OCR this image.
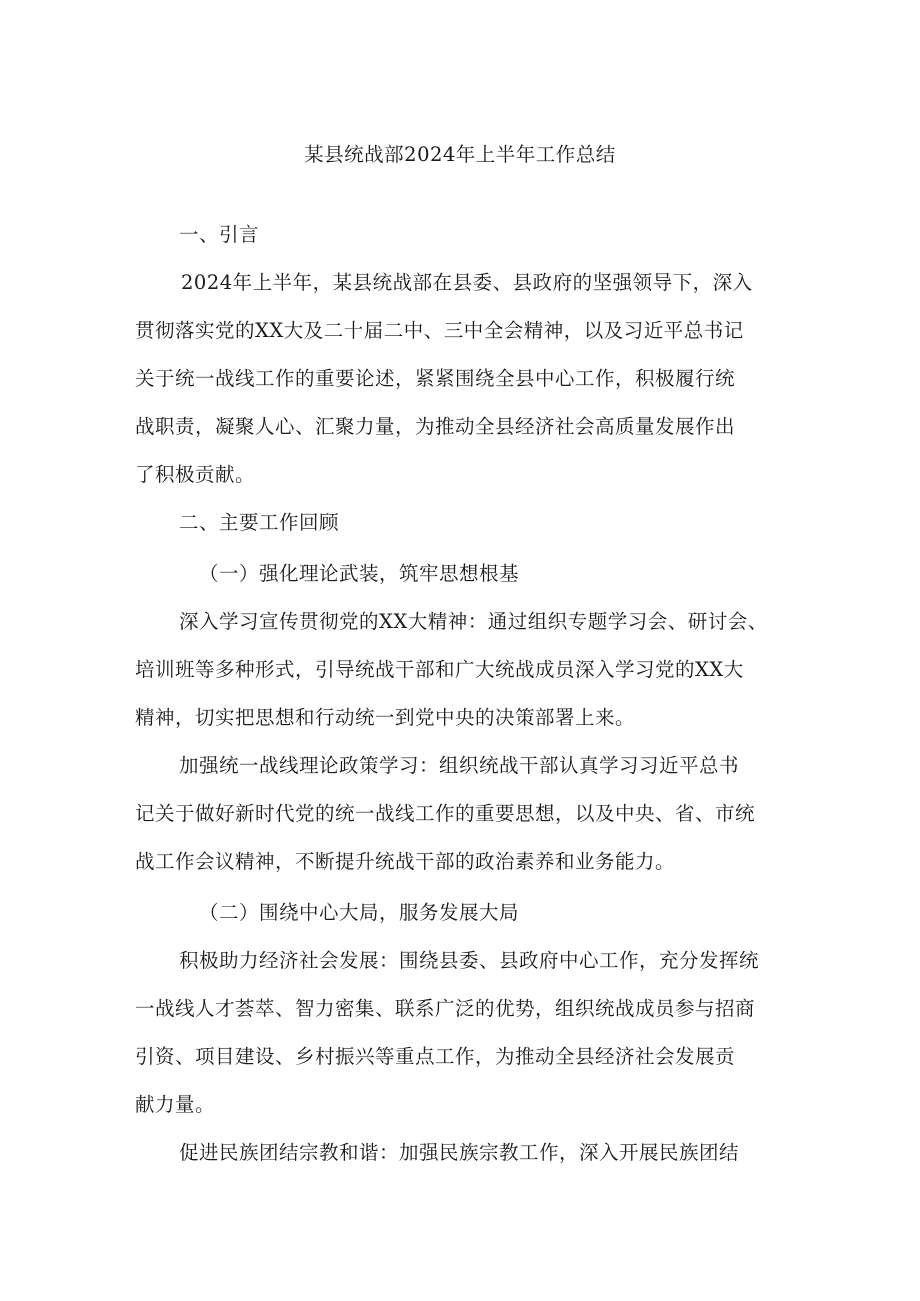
某县统战部2024年上半年工作总结
一、引言
2024年上半年，某县统战部在县委、县政府的坚强领导下，深入
贯彻落实党的XX大及二十届二中、三中全会精神，以及习近平总书记
关于统一战线工作的重要论述，紧紧围绕全县中心工作，积极履行统
战职责，凝聚人心、汇聚力量，为推动全县经济社会高质量发展作出
了积极贡献。
二、主要工作回顾
（一）强化理论武装，筑牢思想根基
深入学习宣传贯彻党的XX大精神：通过组织专题学习会、研讨会、
培训班等多种形式，引导统战干部和广大统战成员深入学习党的XX大
精神，切实把思想和行动统一到党中央的决策部署上来。
加强统一战线理论政策学习：组织统战干部认真学习习近平总书
记关于做好新时代党的统一战线工作的重要思想，以及中央、省、市统
战工作会议精神，不断提升统战干部的政治素养和业务能力。
（二）围绕中心大局，服务发展大局
积极助力经济社会发展：围绕县委、县政府中心工作，充分发挥统
一战线人才荟萃、智力密集、联系广泛的优势，组织统战成员参与招商
引资、项目建设、乡村振兴等重点工作，为推动全县经济社会发展贡
献力量。
促进民族团结宗教和谐：加强民族宗教工作，深入开展民族团结
